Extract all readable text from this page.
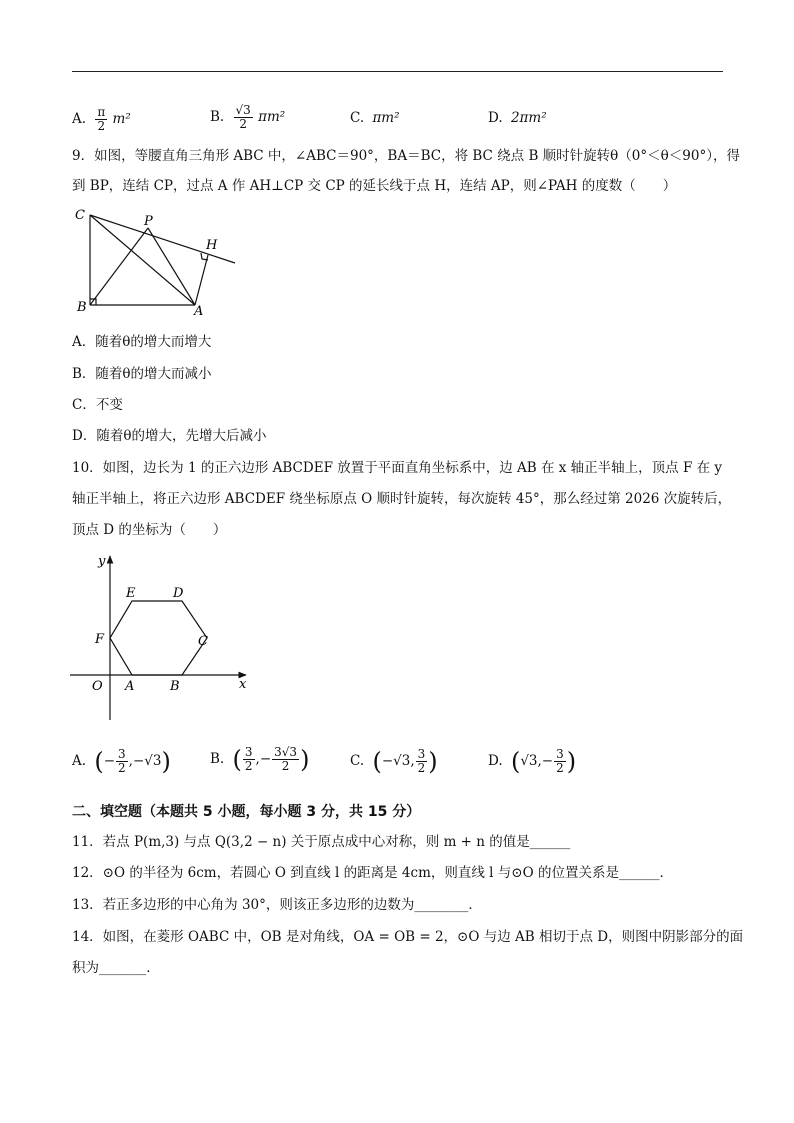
A. $\frac{\pi}{2} m^2$	B. $\frac{√3}{2} \pi m^2$	C. πm²	D. 2πm²
9．如图，等腰直角三角形 ABC 中，∠ABC＝90°，BA＝BC，将 BC 绕点 B 顺时针旋转θ（0°＜θ＜90°），得
到 BP，连结 CP，过点 A 作 AH⊥CP 交 CP 的延长线于点 H，连结 AP，则∠PAH 的度数（　　）
C	P
H
B	A
A．随着θ的增大而增大
B．随着θ的增大而减小
C．不变
D．随着θ的增大，先增大后减小
10．如图，边长为 1 的正六边形 ABCDEF 放置于平面直角坐标系中，边 AB 在 x 轴正半轴上，顶点 F 在 y
轴正半轴上，将正六边形 ABCDEF 绕坐标原点 O 顺时针旋转，每次旋转 45°，那么经过第 2026 次旋转后，
顶点 D 的坐标为（　　）
y
x
O A	B
C
D
E
F
A. (− $\frac{3}{2} ,-√3$)	B. ( $\frac{3}{2}$ ,− $\frac{3√3}{2}$ )	C. (−√3, $\frac{3}{2}$ )	D. ($√3,- \frac{3}{2}$ )
二、填空题（本题共 5 小题，每小题 3 分，共 15 分）
11．若点 P(m,3) 与点 Q(3,2 − n) 关于原点成中心对称，则 m + n 的值是______
12．⊙O 的半径为 6cm，若圆心 O 到直线 l 的距离是 4cm，则直线 l 与⊙O 的位置关系是______．
13．若正多边形的中心角为 30°，则该正多边形的边数为________．
14．如图，在菱形 OABC 中，OB 是对角线，OA = OB = 2，⊙O 与边 AB 相切于点 D，则图中阴影部分的面
积为_______．
